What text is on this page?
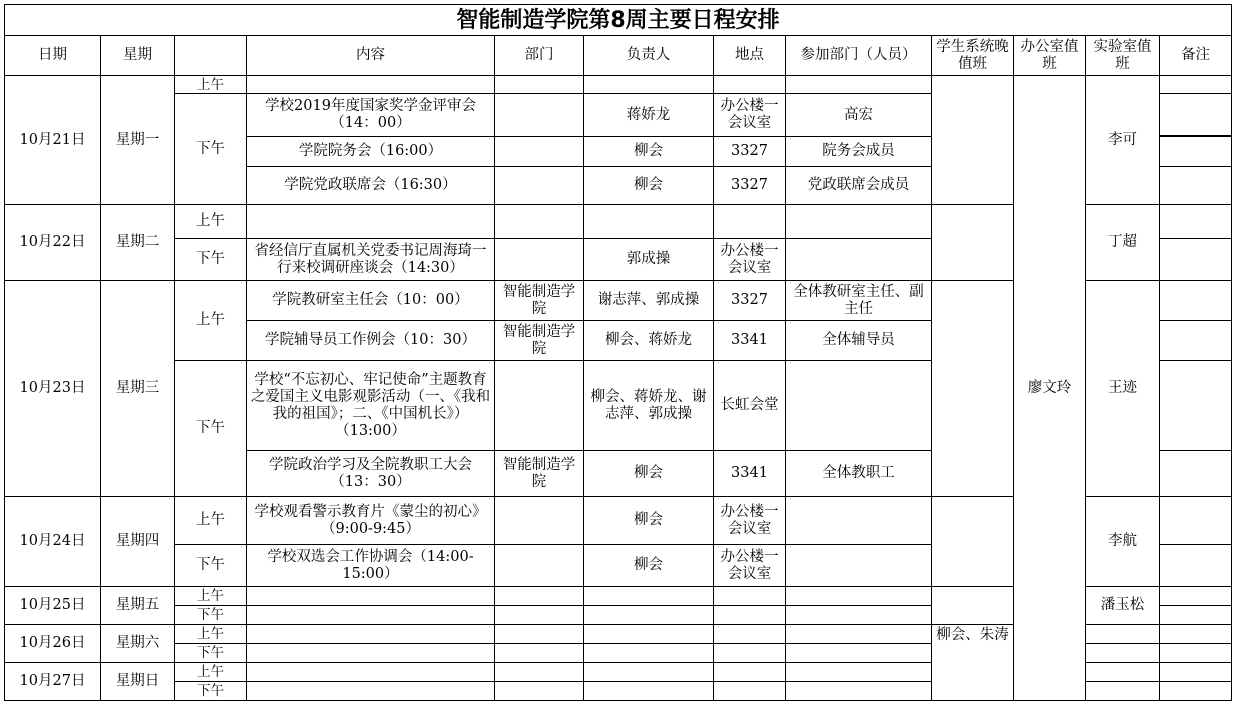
智能制造学院第8周主要日程安排											
日期	星期		内容	部门	负责人	地点	参加部门（人员）	学生系统晚值班	办公室值班	实验室值班	备注
10月21日	星期一	上午							廖文玲	李可	
		下午	学校2019年度国家奖学金评审会（14：00）		蒋娇龙	办公楼一会议室	高宏				

			学院院务会（16:00）		柳会	3327	院务会成员				
			学院党政联席会（16:30）		柳会	3327	党政联席会成员				
10月22日	星期二	上午								丁超	
		下午	省经信厅直属机关党委书记周海琦一行来校调研座谈会（14:30）		郭成操	办公楼一会议室					
10月23日	星期三	上午	学院教研室主任会（10：00）	智能制造学院	谢志萍、郭成操	3327	全体教研室主任、副主任			王迹	
			学院辅导员工作例会（10：30）	智能制造学院	柳会、蒋娇龙	3341	全体辅导员				
		下午	学校“不忘初心、牢记使命”主题教育之爱国主义电影观影活动（一、《我和我的祖国》；二、《中国机长》）（13:00）		柳会、蒋娇龙、谢志萍、郭成操	长虹会堂					
			学院政治学习及全院教职工大会（13：30）	智能制造学院	柳会	3341	全体教职工				
10月24日	星期四	上午	学校观看警示教育片《蒙尘的初心》（9:00-9:45）		柳会	办公楼一会议室				李航	
		下午	学校双选会工作协调会（14:00-15:00）		柳会	办公楼一会议室					
10月25日	星期五	上午								潘玉松	
		下午									
10月26日	星期六	上午						柳会、朱涛			
		下午									
10月27日	星期日	上午									
		下午									
